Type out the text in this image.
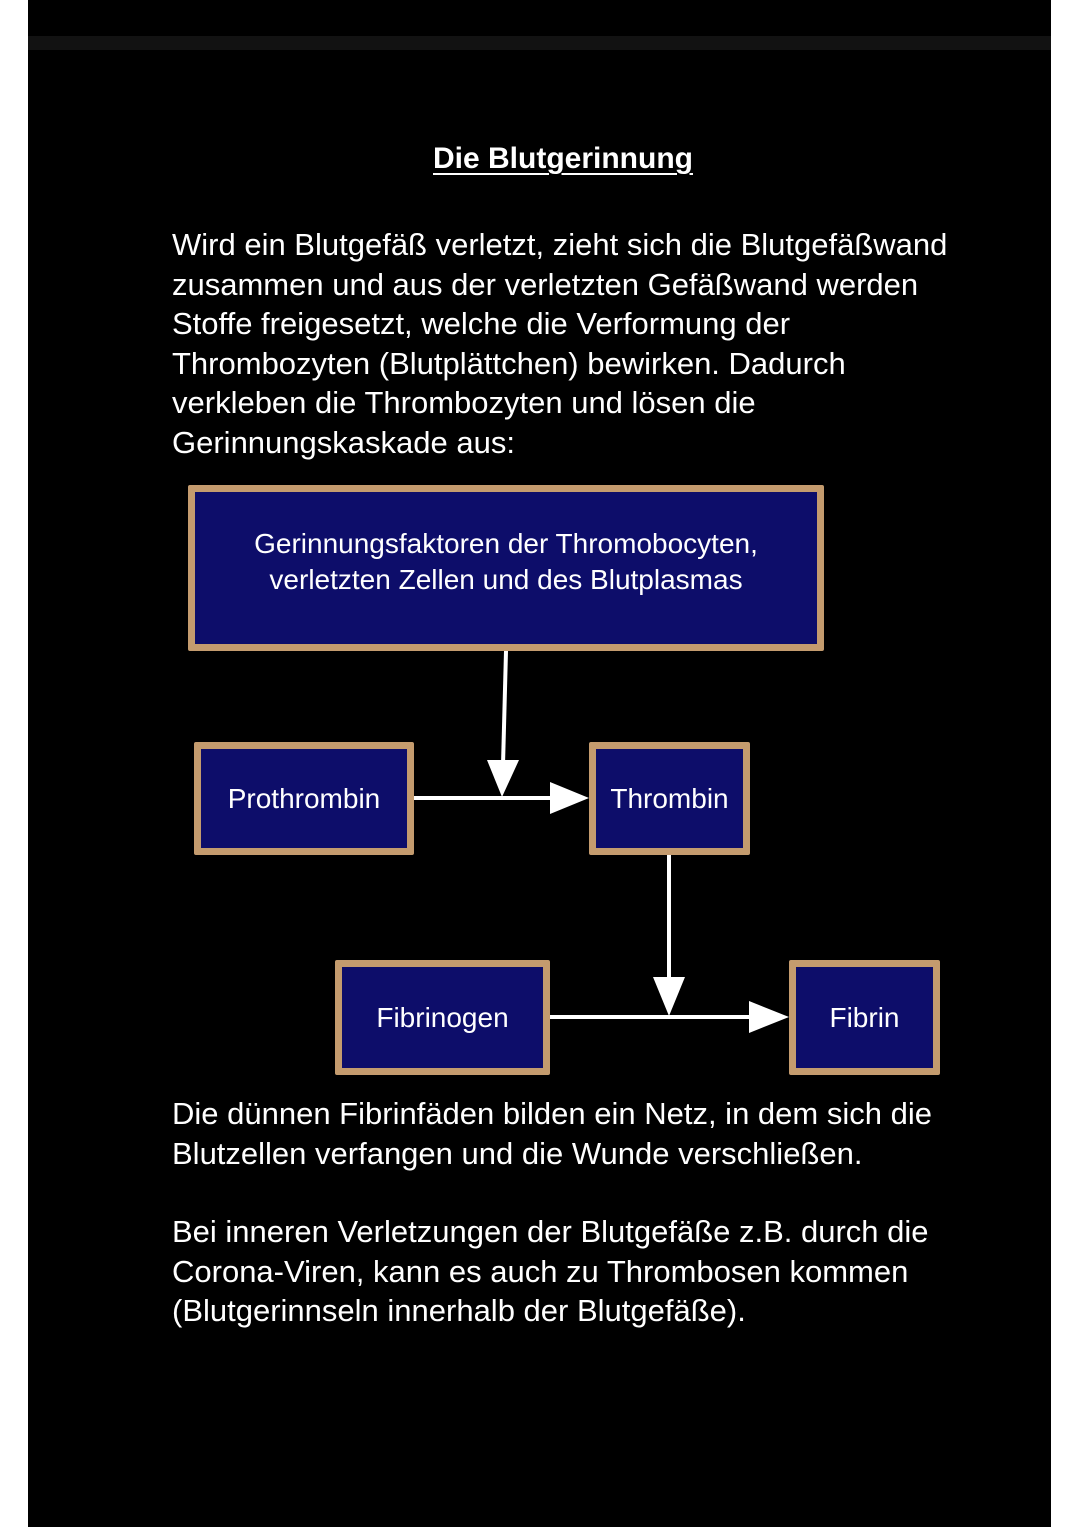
Die Blutgerinnung

Wird ein Blutgefäß verletzt, zieht sich die Blutgefäßwand zusammen und aus der verletzten Gefäßwand werden Stoffe freigesetzt, welche die Verformung der Thrombozyten (Blutplättchen) bewirken. Dadurch verkleben die Thrombozyten und lösen die Gerinnungskaskade aus:

Gerinnungsfaktoren der Thromobocyten,
verletzten Zellen und des Blutplasmas
Prothrombin	Thrombin
Fibrinogen	Fibrin

Die dünnen Fibrinfäden bilden ein Netz, in dem sich die Blutzellen verfangen und die Wunde verschließen.

Bei inneren Verletzungen der Blutgefäße z.B. durch die Corona-Viren, kann es auch zu Thrombosen kommen (Blutgerinnseln innerhalb der Blutgefäße).
